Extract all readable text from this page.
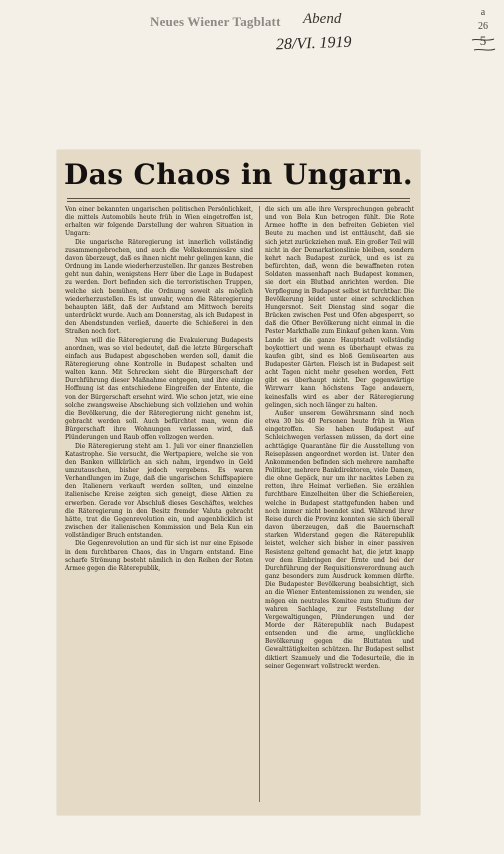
Neues Wiener Tagblatt Abend
28/VI. 1919
a
26
5
Das Chaos in Ungarn.

Von einer bekannten ungarischen politischen Persönlichkeit, die mittels Automobils heute früh in Wien eingetroffen ist, erhalten wir folgende Darstellung der wahren Situation in Ungarn:

Die ungarische Räteregierung ist innerlich vollständig zusammengebrochen, und auch die Volkskommissäre sind davon überzeugt, daß es ihnen nicht mehr gelingen kann, die Ordnung im Lande wiederherzustellen. Ihr ganzes Bestreben geht nun dahin, wenigstens Herr über die Lage in Budapest zu werden. Dort befinden sich die terroristischen Truppen, welche sich bemühen, die Ordnung soweit als möglich wiederherzustellen. Es ist unwahr, wenn die Räteregierung behaupten läßt, daß der Aufstand am Mittwoch bereits unterdrückt wurde. Auch am Donnerstag, als ich Budapest in den Abendstunden verließ, dauerte die Schießerei in den Straßen noch fort.

Nun will die Räteregierung die Evakuierung Budapests anordnen, was so viel bedeutet, daß die letzte Bürgerschaft einfach aus Budapest abgeschoben werden soll, damit die Räteregierung ohne Kontrolle in Budapest schalten und walten kann. Mit Schrecken sieht die Bürgerschaft der Durchführung dieser Maßnahme entgegen, und ihre einzige Hoffnung ist das entschiedene Eingreifen der Entente, die von der Bürgerschaft ersehnt wird. Wie schon jetzt, wie eine solche zwangsweise Abschiebung sich vollziehen und wohin die Bevölkerung, die der Räteregierung nicht genehm ist, gebracht werden soll. Auch befürchtet man, wenn die Bürgerschaft ihre Wohnungen verlassen wird, daß Plünderungen und Raub offen vollzogen werden.

Die Räteregierung steht am 1. Juli vor einer finanziellen Katastrophe. Sie versucht, die Wertpapiere, welche sie von den Banken willkürlich an sich nahm, irgendwo in Geld umzutauschen, bisher jedoch vergebens. Es waren Verhandlungen im Zuge, daß die ungarischen Schiffspapiere den Italienern verkauft werden sollten, und einzelne italienische Kreise zeigten sich geneigt, diese Aktien zu erwerben. Gerade vor Abschluß dieses Geschäftes, welches die Räteregierung in den Besitz fremder Valuta gebracht hätte, trat die Gegenrevolution ein, und augenblicklich ist zwischen der italienischen Kommission und Bela Kun ein vollständiger Bruch entstanden.

Die Gegenrevolution an und für sich ist nur eine Episode in dem furchtbaren Chaos, das in Ungarn entstand. Eine scharfe Strömung besteht nämlich in den Reihen der Roten Armee gegen die Räterepublik,

die sich um alle ihre Versprechungen gebracht und von Bela Kun betrogen fühlt. Die Rote Armee hoffte in den befreiten Gebieten viel Beute zu machen und ist enttäuscht, daß sie sich jetzt zurückziehen muß. Ein großer Teil will nicht in der Demarkationslinie bleiben, sondern kehrt nach Budapest zurück, und es ist zu befürchten, daß, wenn die bewaffneten roten Soldaten massenhaft nach Budapest kommen, sie dort ein Blutbad anrichten werden. Die Verpflegung in Budapest selbst ist furchtbar. Die Bevölkerung leidet unter einer schrecklichen Hungersnot. Seit Dienstag sind sogar die Brücken zwischen Pest und Ofen abgesperrt, so daß die Ofner Bevölkerung nicht einmal in die Pester Markthalle zum Einkauf gehen kann. Vom Lande ist die ganze Hauptstadt vollständig boykottiert und wenn es überhaupt etwas zu kaufen gibt, sind es bloß Gemüsearten aus Budapester Gärten. Fleisch ist in Budapest seit acht Tagen nicht mehr gesehen worden, Fett gibt es überhaupt nicht. Der gegenwärtige Wirrwarr kann höchstens Tage andauern, keinesfalls wird es aber der Räteregierung gelingen, sich noch länger zu halten.

Außer unserem Gewährsmann sind noch etwa 30 bis 40 Personen heute früh in Wien eingetroffen. Sie haben Budapest auf Schleichwegen verlassen müssen, da dort eine achttägige Quarantäne für die Ausstellung von Reisepässen angeordnet worden ist. Unter den Ankommenden befinden sich mehrere namhafte Politiker, mehrere Bankdirektoren, viele Damen, die ohne Gepäck, nur um ihr nacktes Leben zu retten, ihre Heimat verließen. Sie erzählen furchtbare Einzelheiten über die Schießereien, welche in Budapest stattgefunden haben und noch immer nicht beendet sind. Während ihrer Reise durch die Provinz konnten sie sich überall davon überzeugen, daß die Bauernschaft starken Widerstand gegen die Räterepublik leistet, welcher sich bisher in einer passiven Resistenz geltend gemacht hat, die jetzt knapp vor dem Einbringen der Ernte und bei der Durchführung der Requisitionsverordnung auch ganz besonders zum Ausdruck kommen dürfte. Die Budapester Bevölkerung beabsichtigt, sich an die Wiener Ententemissionen zu wenden, sie mögen ein neutrales Komitee zum Studium der wahren Sachlage, zur Feststellung der Vergewaltigungen, Plünderungen und der Morde der Räterepublik nach Budapest entsenden und die arme, unglückliche Bevölkerung gegen die Bluttaten und Gewalttätigkeiten schützen. Ihr Budapest selbst diktiert Szamuely und die Todesurteile, die in seiner Gegenwart vollstreckt werden.
